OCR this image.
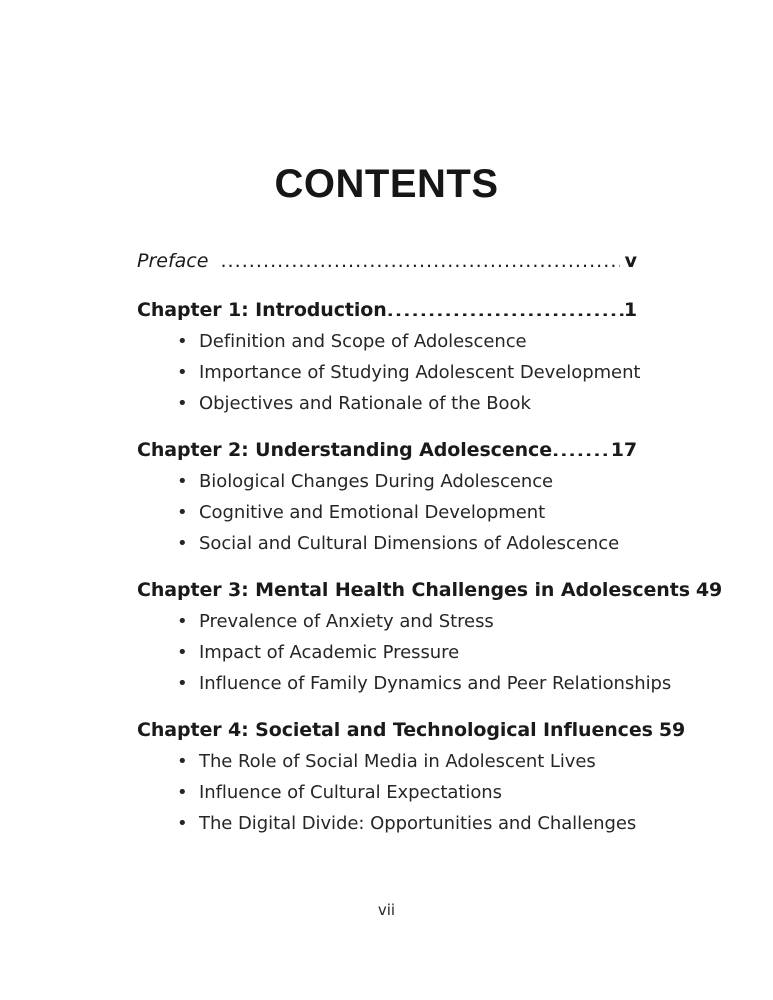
CONTENTS
Preface .....	v
Chapter 1: Introduction .....	1
• Definition and Scope of Adolescence
• Importance of Studying Adolescent Development
• Objectives and Rationale of the Book
Chapter 2: Understanding Adolescence .....	17
• Biological Changes During Adolescence
• Cognitive and Emotional Development
• Social and Cultural Dimensions of Adolescence
Chapter 3: Mental Health Challenges in Adolescents 49
• Prevalence of Anxiety and Stress
• Impact of Academic Pressure
• Influence of Family Dynamics and Peer Relationships
Chapter 4: Societal and Technological Influences 59
• The Role of Social Media in Adolescent Lives
• Influence of Cultural Expectations
• The Digital Divide: Opportunities and Challenges
vii
